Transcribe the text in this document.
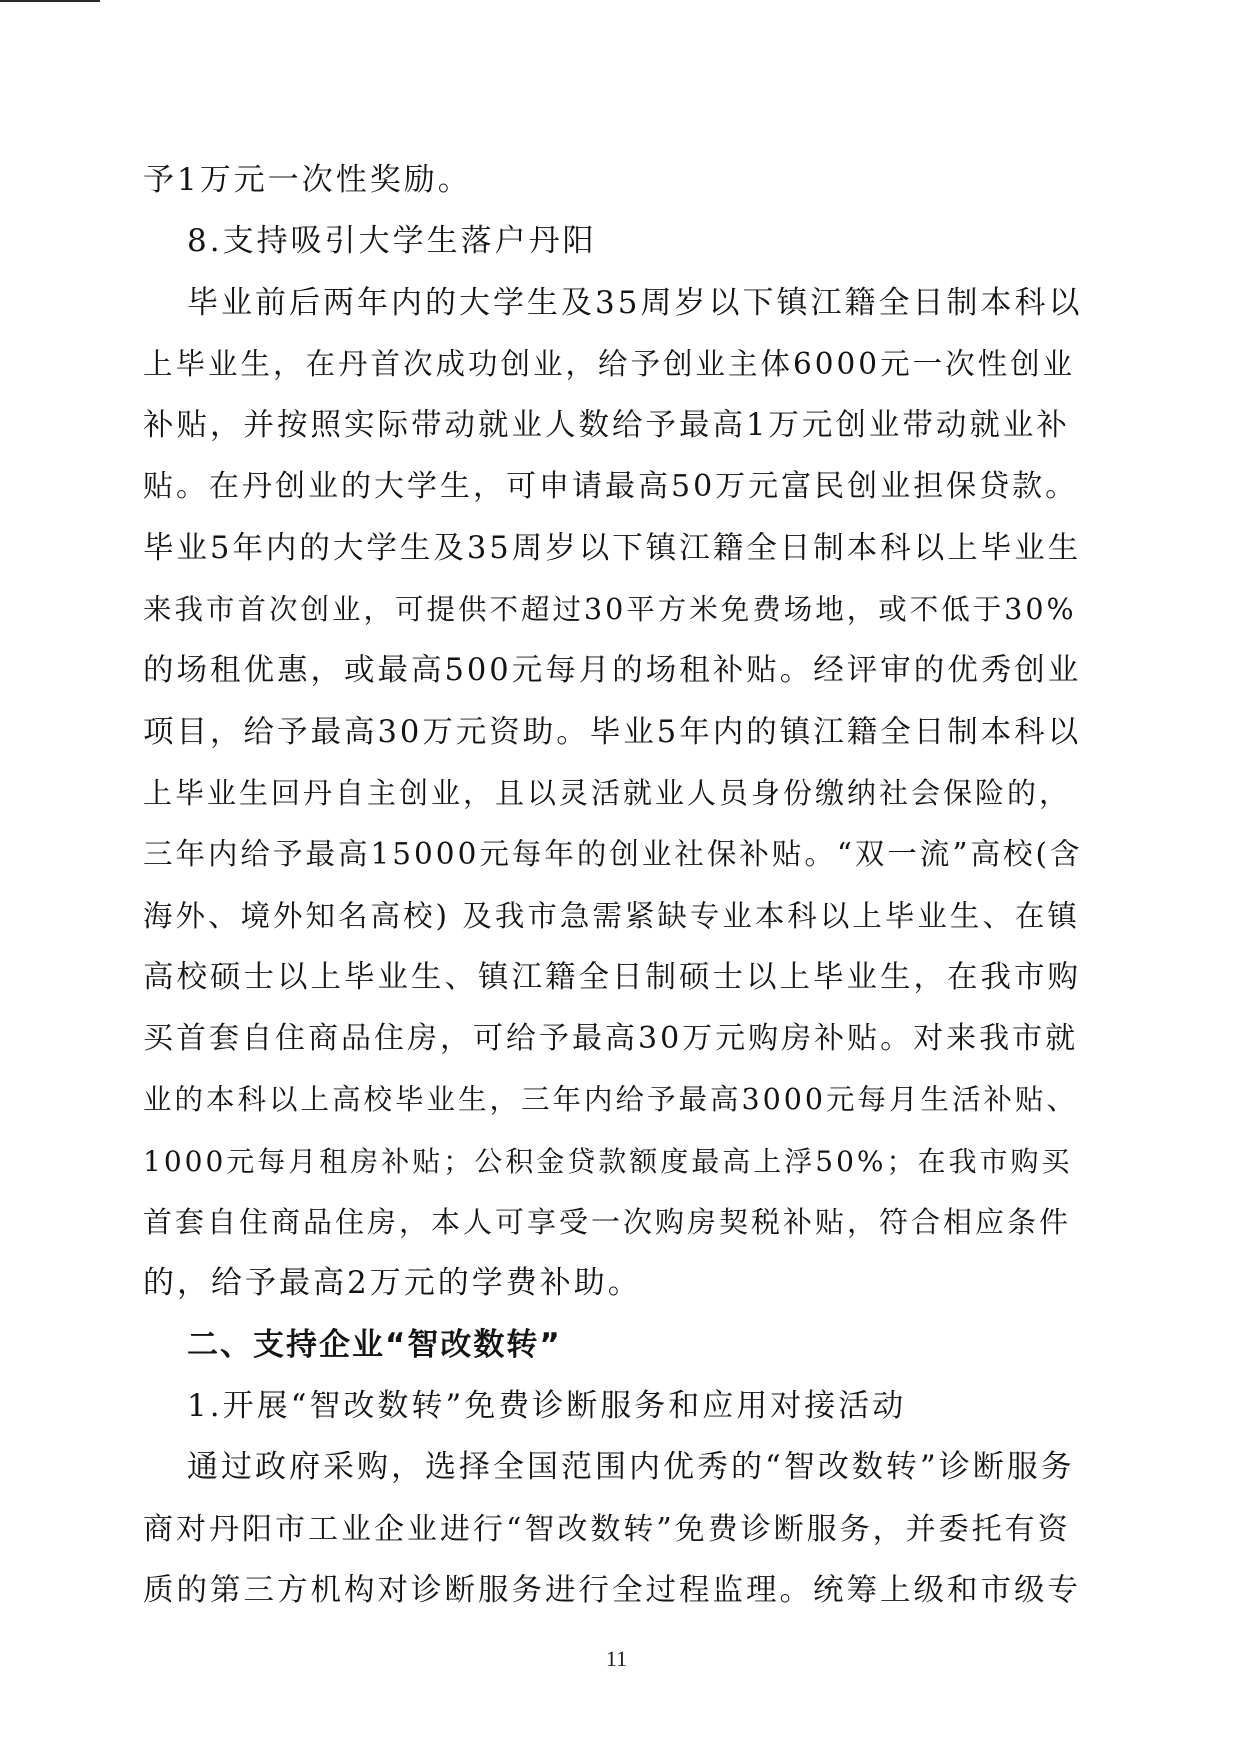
予1万元一次性奖励。
8.支持吸引大学生落户丹阳
毕业前后两年内的大学生及35周岁以下镇江籍全日制本科以
上毕业生，在丹首次成功创业，给予创业主体6000元一次性创业
补贴，并按照实际带动就业人数给予最高1万元创业带动就业补
贴。在丹创业的大学生，可申请最高50万元富民创业担保贷款。
毕业5年内的大学生及35周岁以下镇江籍全日制本科以上毕业生
来我市首次创业，可提供不超过30平方米免费场地，或不低于30%
的场租优惠，或最高500元每月的场租补贴。经评审的优秀创业
项目，给予最高30万元资助。毕业5年内的镇江籍全日制本科以
上毕业生回丹自主创业，且以灵活就业人员身份缴纳社会保险的，
三年内给予最高15000元每年的创业社保补贴。“双一流”高校(含
海外、境外知名高校) 及我市急需紧缺专业本科以上毕业生、在镇
高校硕士以上毕业生、镇江籍全日制硕士以上毕业生，在我市购
买首套自住商品住房，可给予最高30万元购房补贴。对来我市就
业的本科以上高校毕业生，三年内给予最高3000元每月生活补贴、
1000元每月租房补贴；公积金贷款额度最高上浮50%；在我市购买
首套自住商品住房，本人可享受一次购房契税补贴，符合相应条件
的，给予最高2万元的学费补助。
二、支持企业“智改数转”
1.开展“智改数转”免费诊断服务和应用对接活动
通过政府采购，选择全国范围内优秀的“智改数转”诊断服务
商对丹阳市工业企业进行“智改数转”免费诊断服务，并委托有资
质的第三方机构对诊断服务进行全过程监理。统筹上级和市级专
11
